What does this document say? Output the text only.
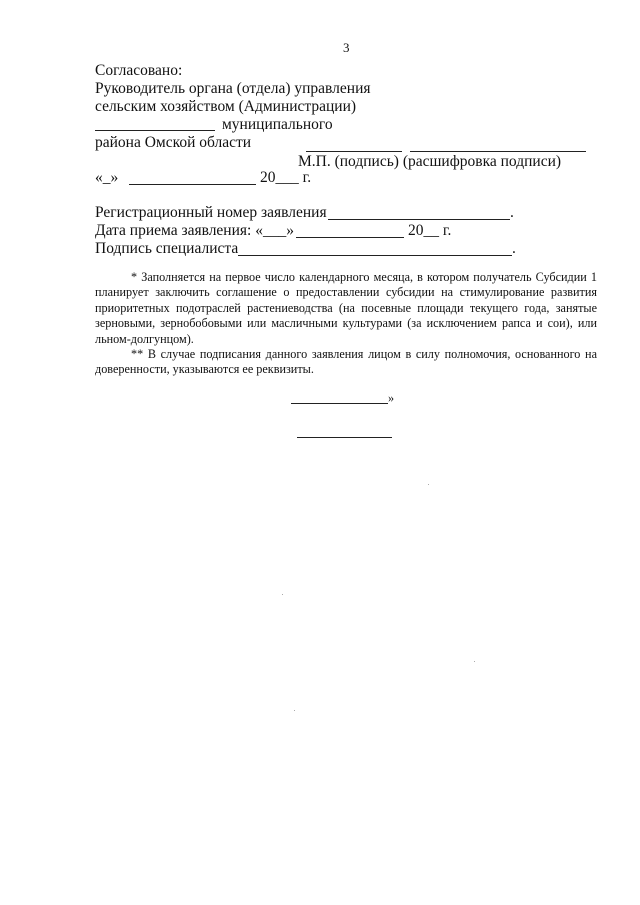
3
Согласовано:
Руководитель органа (отдела) управления
сельским хозяйством (Администрации)
муниципального
района Омской области
М.П. (подпись) (расшифровка подписи)
«_»	20___ г.
Регистрационный номер заявления	.
Дата приема заявления: «___»	20__ г.
Подпись специалиста	.
* Заполняется на первое число календарного месяца, в котором получатель Субсидии 1 планирует заключить соглашение о предоставлении субсидии на стимулирование развития приоритетных подотраслей растениеводства (на посевные площади текущего года, занятые зерновыми, зернобобовыми или масличными культурами (за исключением рапса и сои), или льном-долгунцом).
** В случае подписания данного заявления лицом в силу полномочия, основанного на доверенности, указываются ее реквизиты.
»
